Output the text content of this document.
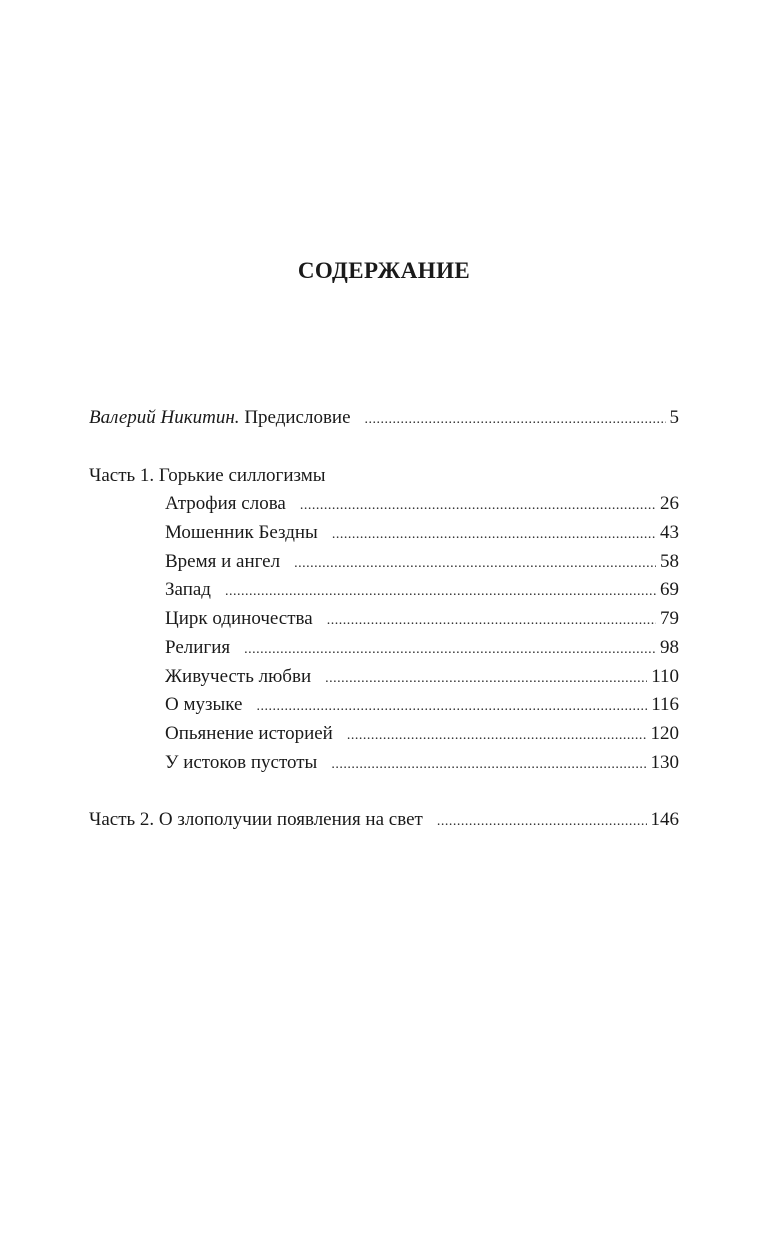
СОДЕРЖАНИЕ
Валерий Никитин. Предисловие .....	5
Часть 1. Горькие силлогизмы
Атрофия слова .....	26
Мошенник Бездны .....	43
Время и ангел .....	58
Запад .....	69
Цирк одиночества .....	79
Религия .....	98
Живучесть любви .....	110
О музыке .....	116
Опьянение историей .....	120
У истоков пустоты .....	130
Часть 2. О злополучии появления на свет .....	146
